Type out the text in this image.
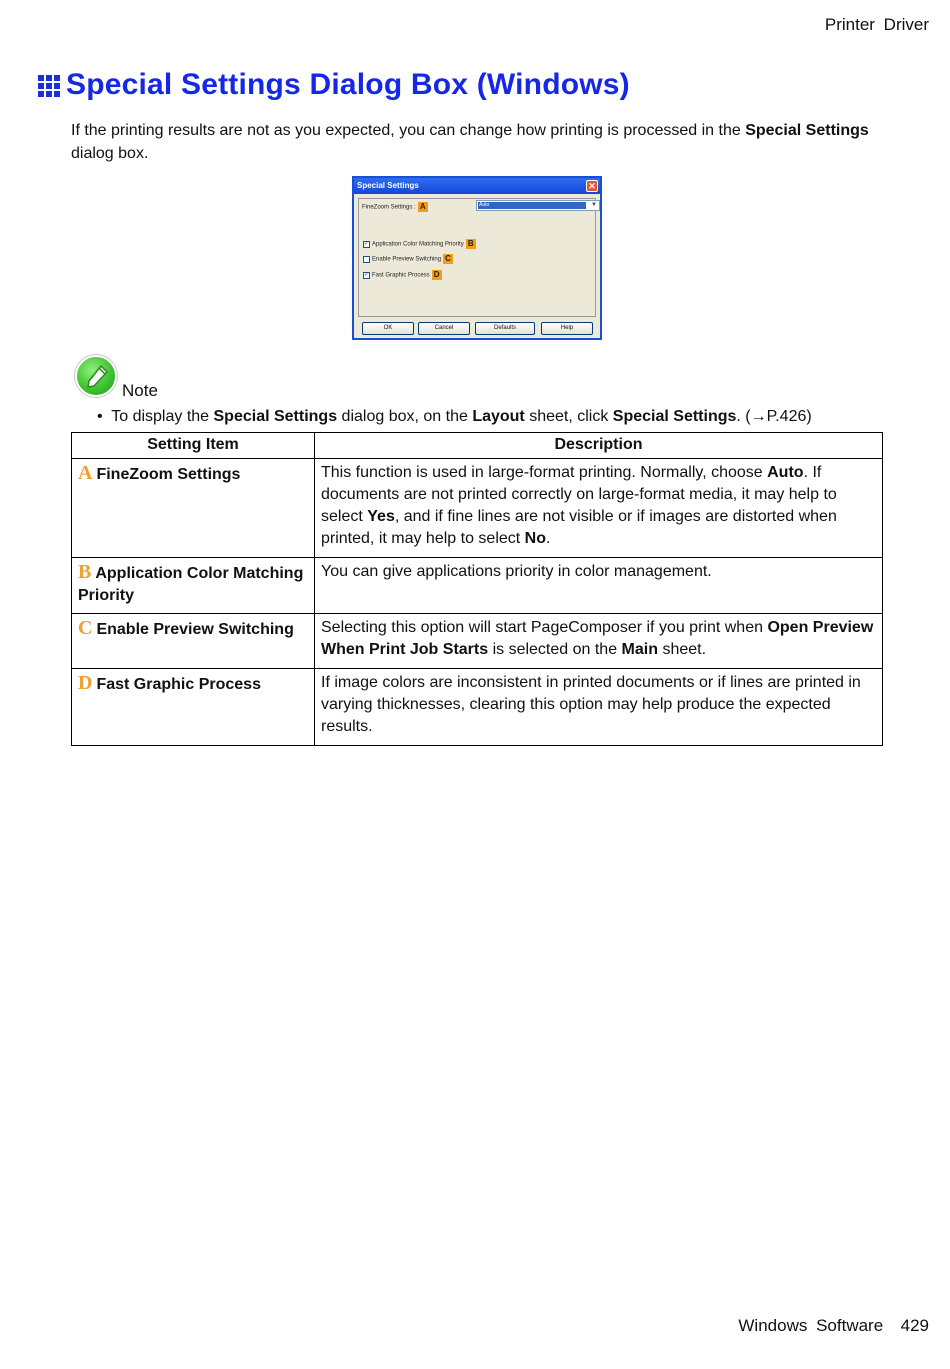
Printer Driver
Special Settings Dialog Box (Windows)

If the printing results are not as you expected, you can change how printing is processed in the Special Settings dialog box.

Special Settings	✕
FineZoom Settings : A	Auto	▼
✓ Application Color Matching Priority B
Enable Preview Switching C
✓ Fast Graphic Process D
OK	Cancel	Defaults	Help
Note
• To display the Special Settings dialog box, on the Layout sheet, click Special Settings. (→P.426)
Setting Item	Description
A FineZoom Settings	This function is used in large-format printing. Normally, choose Auto. If documents are not printed correctly on large-format media, it may help to select Yes, and if fine lines are not visible or if images are distorted when printed, it may help to select No.
B Application Color Matching Priority	You can give applications priority in color management.
C Enable Preview Switching	Selecting this option will start PageComposer if you print when Open Preview When Print Job Starts is selected on the Main sheet.
D Fast Graphic Process	If image colors are inconsistent in printed documents or if lines are printed in varying thicknesses, clearing this option may help produce the expected results.
Windows Software 429
